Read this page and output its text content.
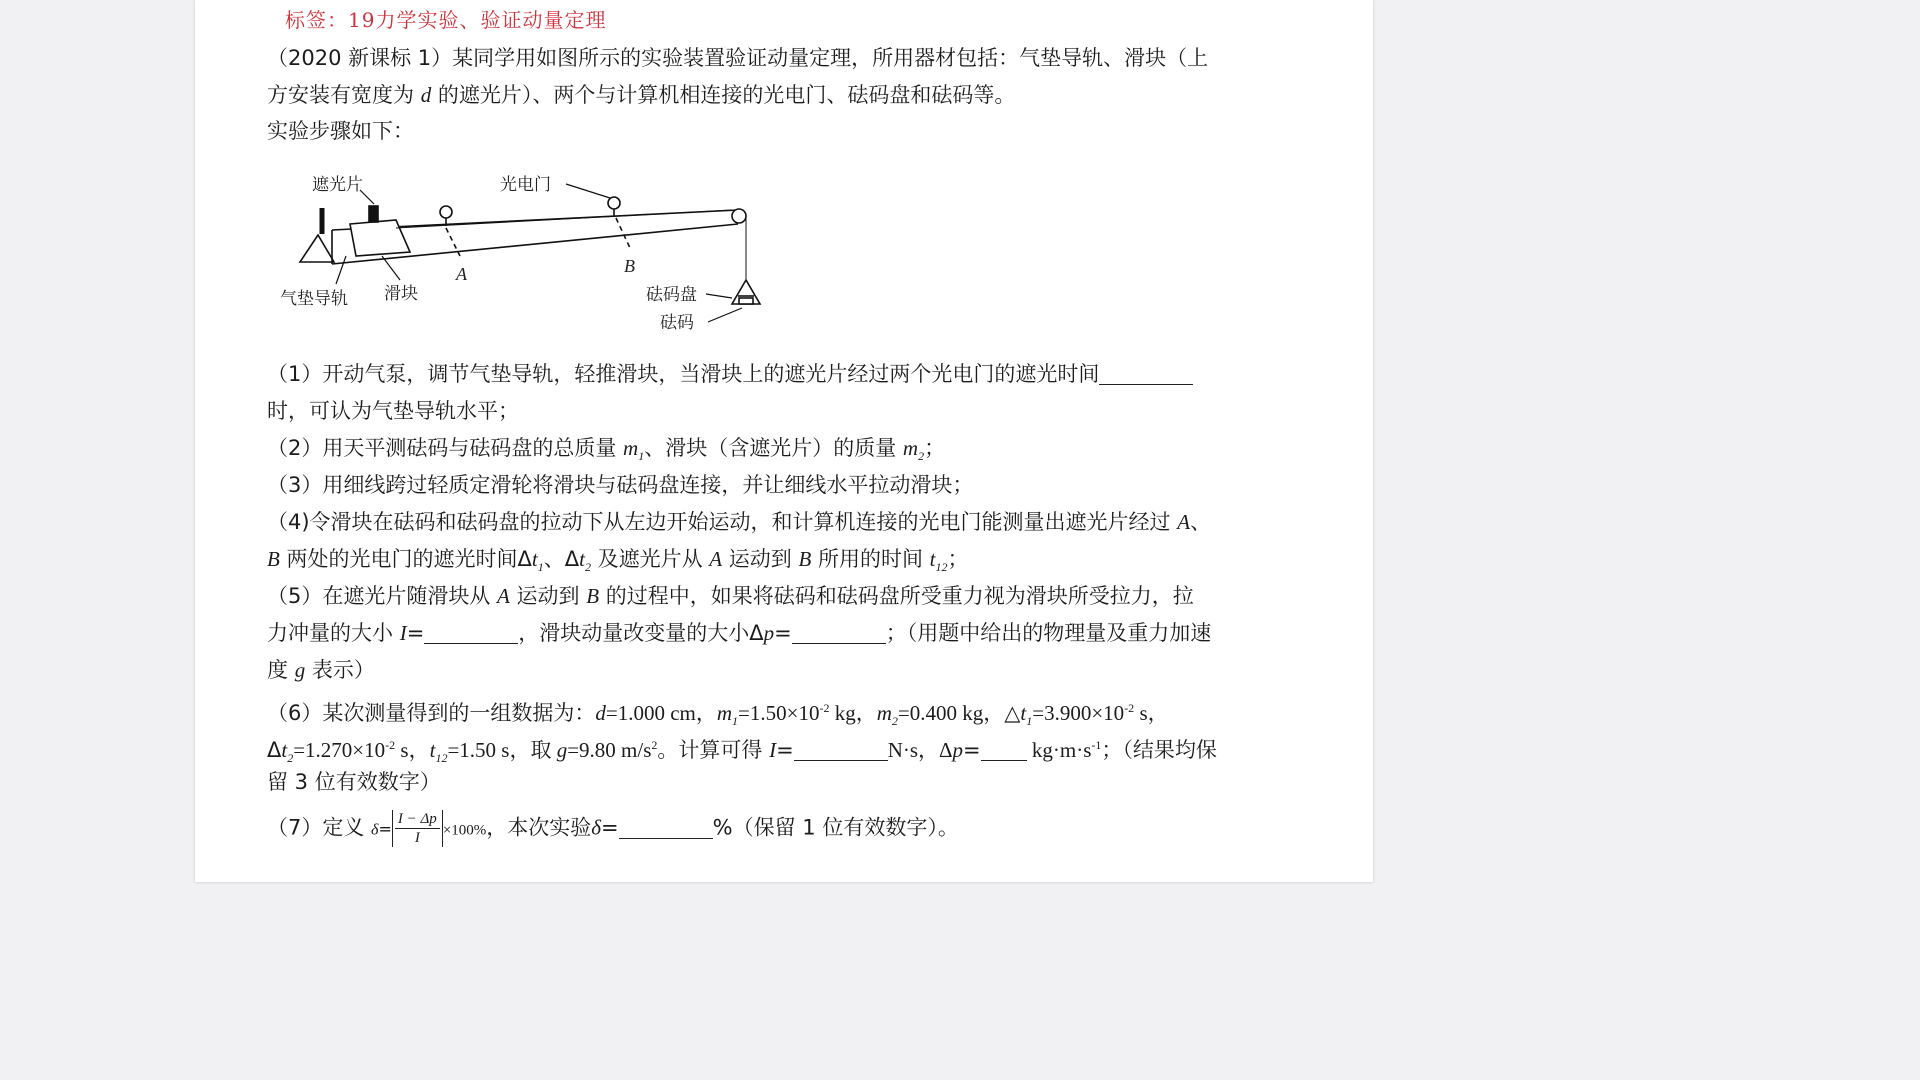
标签：19力学实验、验证动量定理
（2020 新课标 1）某同学用如图所示的实验装置验证动量定理，所用器材包括：气垫导轨、滑块（上
方安装有宽度为 d 的遮光片）、两个与计算机相连接的光电门、砝码盘和砝码等。
实验步骤如下：
遮光片	光电门
气垫导轨 滑块
A	B
砝码盘
砝码
（1）开动气泵，调节气垫导轨，轻推滑块，当滑块上的遮光片经过两个光电门的遮光时间
时，可认为气垫导轨水平；
（2）用天平测砝码与砝码盘的总质量 $m_1$、滑块（含遮光片）的质量 $m_2$；
（3）用细线跨过轻质定滑轮将滑块与砝码盘连接，并让细线水平拉动滑块；
（4)令滑块在砝码和砝码盘的拉动下从左边开始运动，和计算机连接的光电门能测量出遮光片经过 A、
B 两处的光电门的遮光时间$\Delta t_1$、$\Delta t_2$ 及遮光片从 A 运动到 B 所用的时间 $t_{12}$；
（5）在遮光片随滑块从 A 运动到 B 的过程中，如果将砝码和砝码盘所受重力视为滑块所受拉力，拉
力冲量的大小 I=	，滑块动量改变量的大小Δp=	；（用题中给出的物理量及重力加速
度 g 表示）
（6）某次测量得到的一组数据为：d=1.000 cm，$m_1=1.50\times 10^{-2}$ kg，$m_2=0.400$ kg，$\triangle t_1=3.900\times 10^{-2}$ s，
$\Delta t_2=1.270\times 10^{-2}$ s，$t_{12}=1.50$ s，取 g=9.80 $m/s^2$。计算可得 I=	N·s，$\Delta p= kg\cdot m\cdot s^{-1}$；（结果均保
留 3 位有效数字）
（7）定义 $\delta= \frac{I - \Delta p}{I} \times 100\%$，本次实验δ=	%（保留 1 位有效数字）。
